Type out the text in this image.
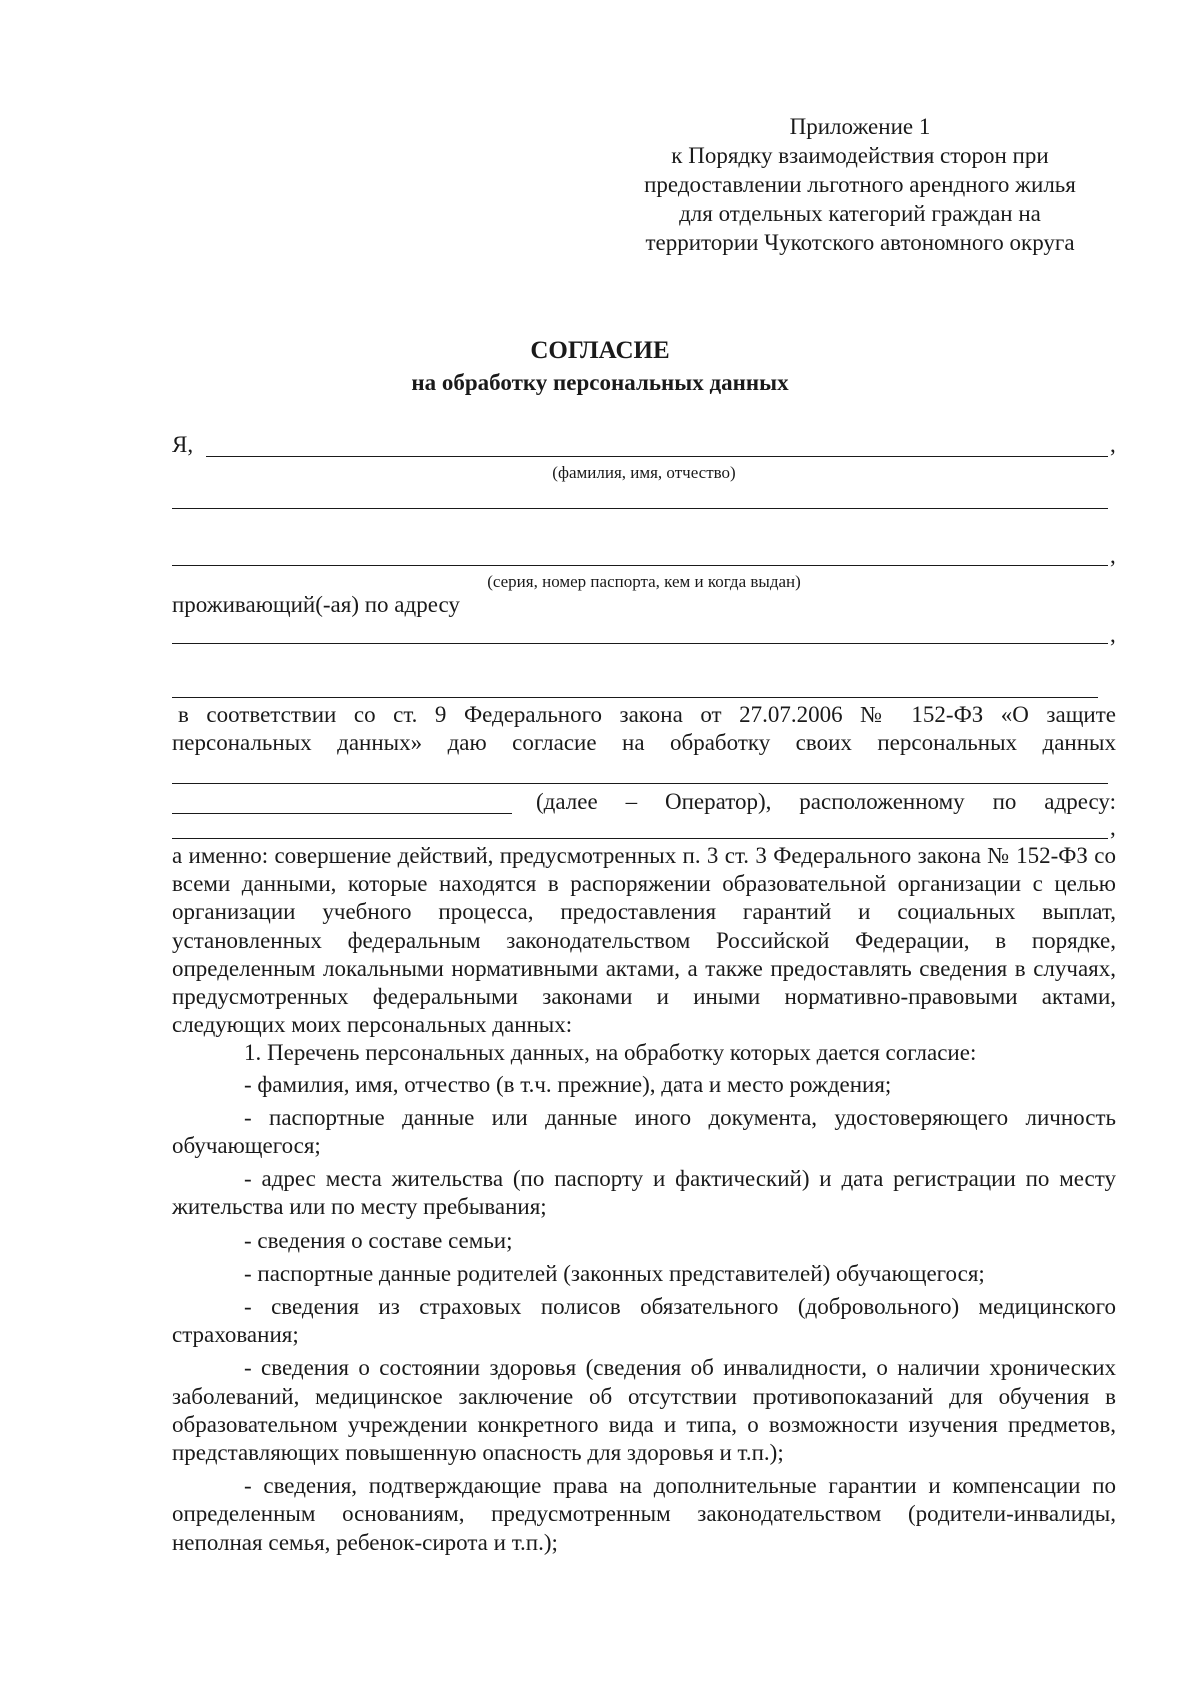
Приложение 1
к Порядку взаимодействия сторон при
предоставлении льготного арендного жилья
для отдельных категорий граждан на
территории Чукотского автономного округа
СОГЛАСИЕ
на обработку персональных данных
Я,	,
(фамилия, имя, отчество)
,
(серия, номер паспорта, кем и когда выдан)
проживающий(-ая) по адресу
,
в соответствии со ст. 9 Федерального закона от 27.07.2006 № 152-ФЗ «О защите
персональных данных» даю согласие на обработку своих персональных данных
(далее – Оператор), расположенному по адресу:
,

а именно: совершение действий, предусмотренных п. 3 ст. 3 Федерального закона № 152-ФЗ со всеми данными, которые находятся в распоряжении образовательной организации с целью организации учебного процесса, предоставления гарантий и социальных выплат, установленных федеральным законодательством Российской Федерации, в порядке, определенным локальными нормативными актами, а также предоставлять сведения в случаях, предусмотренных федеральными законами и иными нормативно-правовыми актами, следующих моих персональных данных:

1. Перечень персональных данных, на обработку которых дается согласие:

- фамилия, имя, отчество (в т.ч. прежние), дата и место рождения;

- паспортные данные или данные иного документа, удостоверяющего личность обучающегося;

- адрес места жительства (по паспорту и фактический) и дата регистрации по месту жительства или по месту пребывания;

- сведения о составе семьи;

- паспортные данные родителей (законных представителей) обучающегося;

- сведения из страховых полисов обязательного (добровольного) медицинского страхования;

- сведения о состоянии здоровья (сведения об инвалидности, о наличии хронических заболеваний, медицинское заключение об отсутствии противопоказаний для обучения в образовательном учреждении конкретного вида и типа, о возможности изучения предметов, представляющих повышенную опасность для здоровья и т.п.);

- сведения, подтверждающие права на дополнительные гарантии и компенсации по определенным основаниям, предусмотренным законодательством (родители-инвалиды, неполная семья, ребенок-сирота и т.п.);
